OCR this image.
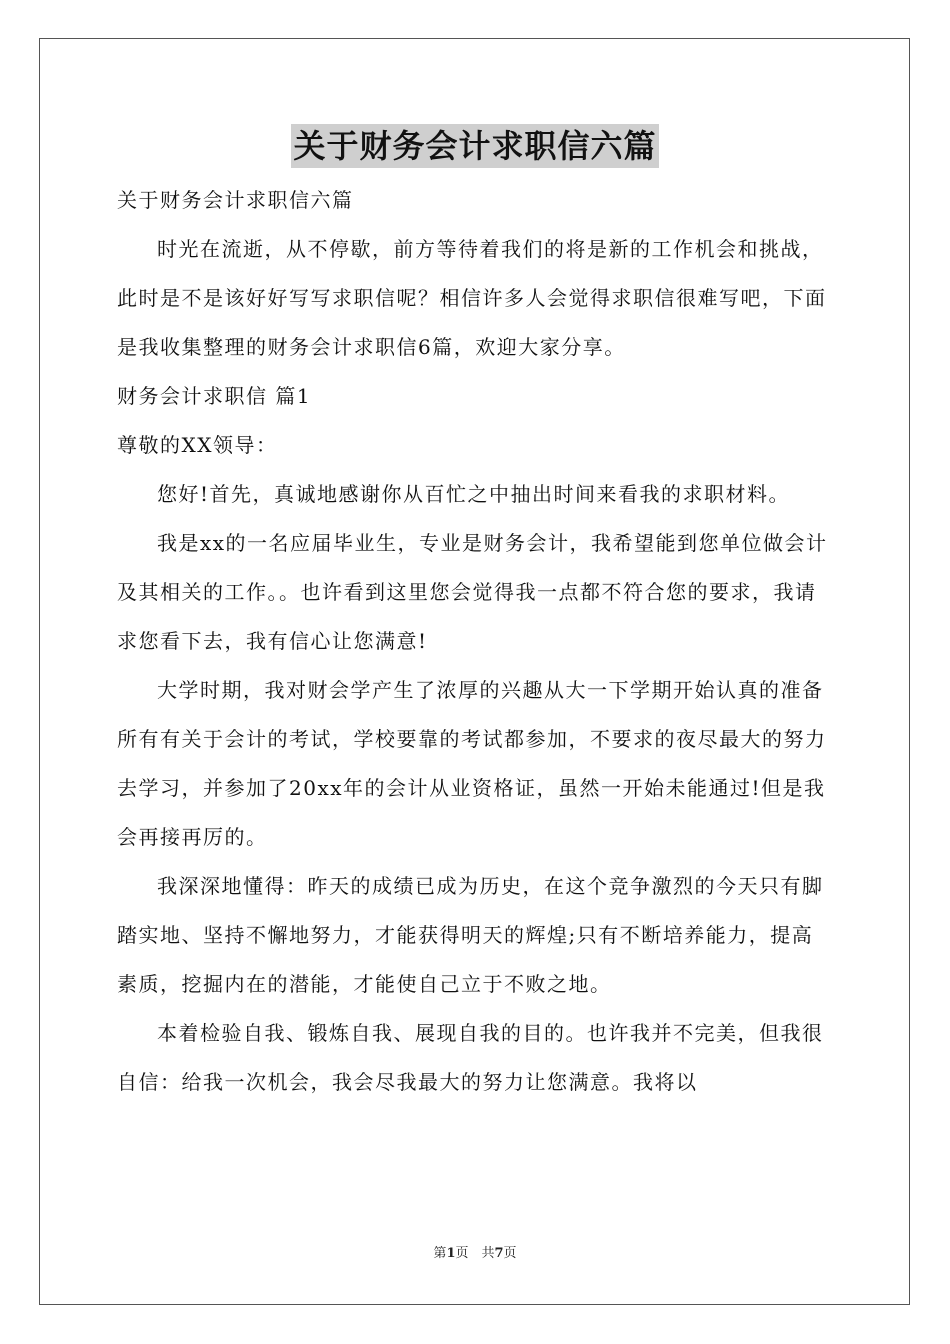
关于财务会计求职信六篇

关于财务会计求职信六篇

时光在流逝，从不停歇，前方等待着我们的将是新的工作机会和挑战，此时是不是该好好写写求职信呢？相信许多人会觉得求职信很难写吧，下面是我收集整理的财务会计求职信6篇，欢迎大家分享。

财务会计求职信 篇1

尊敬的XX领导：

您好!首先，真诚地感谢你从百忙之中抽出时间来看我的求职材料。

我是xx的一名应届毕业生，专业是财务会计，我希望能到您单位做会计及其相关的工作。。也许看到这里您会觉得我一点都不符合您的要求，我请求您看下去，我有信心让您满意!

大学时期，我对财会学产生了浓厚的兴趣从大一下学期开始认真的准备所有有关于会计的考试，学校要靠的考试都参加，不要求的夜尽最大的努力去学习，并参加了20xx年的会计从业资格证，虽然一开始未能通过!但是我会再接再厉的。

我深深地懂得：昨天的成绩已成为历史，在这个竞争激烈的今天只有脚踏实地、坚持不懈地努力，才能获得明天的辉煌;只有不断培养能力，提高素质，挖掘内在的潜能，才能使自己立于不败之地。

本着检验自我、锻炼自我、展现自我的目的。也许我并不完美，但我很自信：给我一次机会，我会尽我最大的努力让您满意。我将以

第1页　共7页
